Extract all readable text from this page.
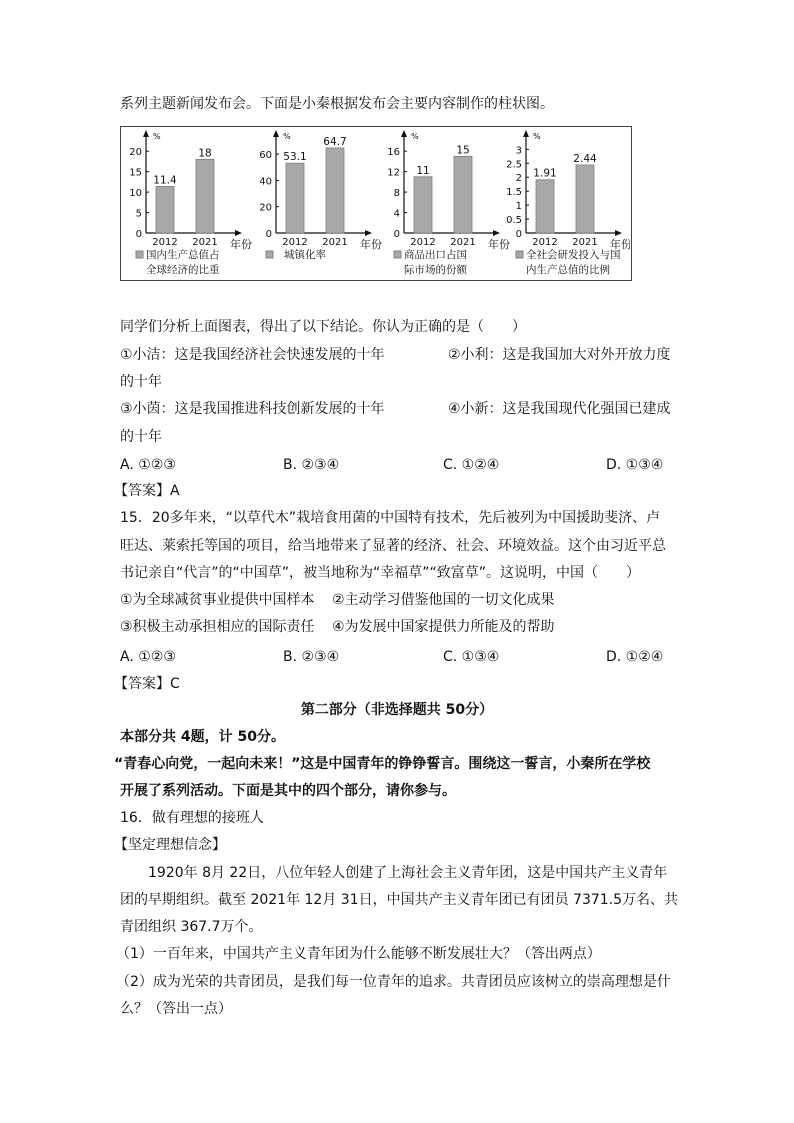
系列主题新闻发布会。下面是小秦根据发布会主要内容制作的柱状图。
%
0
5
10
15
20
11.4
2012
18
2021 年份
国内生产总值占
全球经济的比重
%
0
20
40
60 53.1
2012
64.7
2021 年份
城镇化率
%
0
4
8
12
16
11
2012
15
2021 年份
商品出口占国
际市场的份额
%
0
0.5
1
1.5
2
2.5
3
1.91
2012
2.44
2021 年份
全社会研发投入与国
内生产总值的比例
同学们分析上面图表，得出了以下结论。你认为正确的是（　　）
①小洁：这是我国经济社会快速发展的十年	②小利：这是我国加大对外开放力度
的十年
③小茵：这是我国推进科技创新发展的十年	④小新：这是我国现代化强国已建成
的十年
A. ①②③	B. ②③④	C. ①②④	D. ①③④
【答案】A
15．20多年来，“以草代木”栽培食用菌的中国特有技术，先后被列为中国援助斐济、卢
旺达、莱索托等国的项目，给当地带来了显著的经济、社会、环境效益。这个由习近平总
书记亲自“代言”的“中国草”，被当地称为“幸福草”“致富草”。这说明，中国（　　）
①为全球减贫事业提供中国样本 ②主动学习借鉴他国的一切文化成果
③积极主动承担相应的国际责任 ④为发展中国家提供力所能及的帮助
A. ①②③	B. ②③④	C. ①③④	D. ①②④
【答案】C
第二部分（非选择题共 50分）
本部分共 4题，计 50分。
“青春心向党，一起向未来！”这是中国青年的铮铮誓言。围绕这一誓言，小秦所在学校
开展了系列活动。下面是其中的四个部分，请你参与。
16．做有理想的接班人
【坚定理想信念】
　　1920年 8月 22日，八位年轻人创建了上海社会主义青年团，这是中国共产主义青年
团的早期组织。截至 2021年 12月 31日，中国共产主义青年团已有团员 7371.5万名、共
青团组织 367.7万个。
（1）一百年来，中国共产主义青年团为什么能够不断发展壮大？（答出两点）
（2）成为光荣的共青团员，是我们每一位青年的追求。共青团员应该树立的崇高理想是什
么？（答出一点）
